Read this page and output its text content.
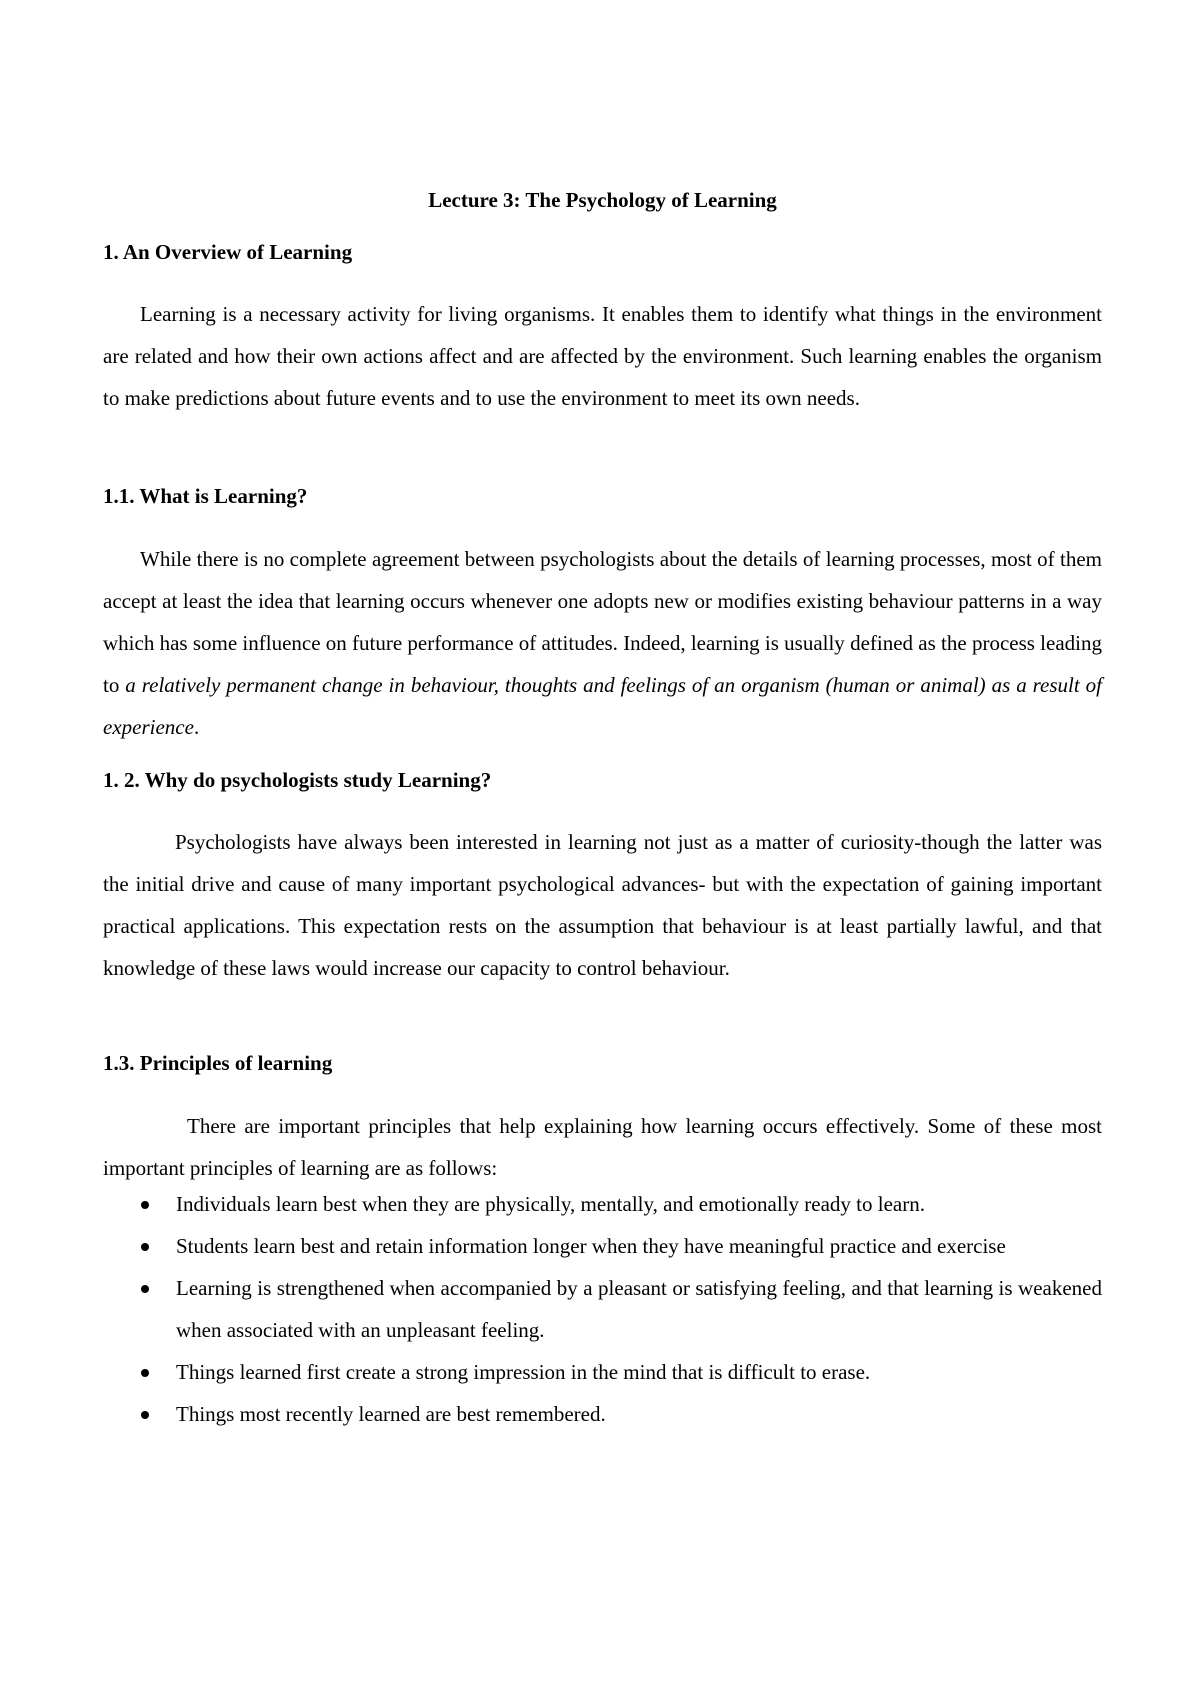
Lecture 3: The Psychology of Learning
1. An Overview of Learning

Learning is a necessary activity for living organisms. It enables them to identify what things in the environment are related and how their own actions affect and are affected by the environment. Such learning enables the organism to make predictions about future events and to use the environment to meet its own needs.

1.1. What is Learning?

While there is no complete agreement between psychologists about the details of learning processes, most of them accept at least the idea that learning occurs whenever one adopts new or modifies existing behaviour patterns in a way which has some influence on future performance of attitudes. Indeed, learning is usually defined as the process leading to a relatively permanent change in behaviour, thoughts and feelings of an organism (human or animal) as a result of experience.

1. 2. Why do psychologists study Learning?

Psychologists have always been interested in learning not just as a matter of curiosity-though the latter was the initial drive and cause of many important psychological advances- but with the expectation of gaining important practical applications. This expectation rests on the assumption that behaviour is at least partially lawful, and that knowledge of these laws would increase our capacity to control behaviour.

1.3. Principles of learning

There are important principles that help explaining how learning occurs effectively. Some of these most important principles of learning are as follows:

Individuals learn best when they are physically, mentally, and emotionally ready to learn.
Students learn best and retain information longer when they have meaningful practice and exercise
Learning is strengthened when accompanied by a pleasant or satisfying feeling, and that learning is weakened when associated with an unpleasant feeling.
Things learned first create a strong impression in the mind that is difficult to erase.
Things most recently learned are best remembered.
